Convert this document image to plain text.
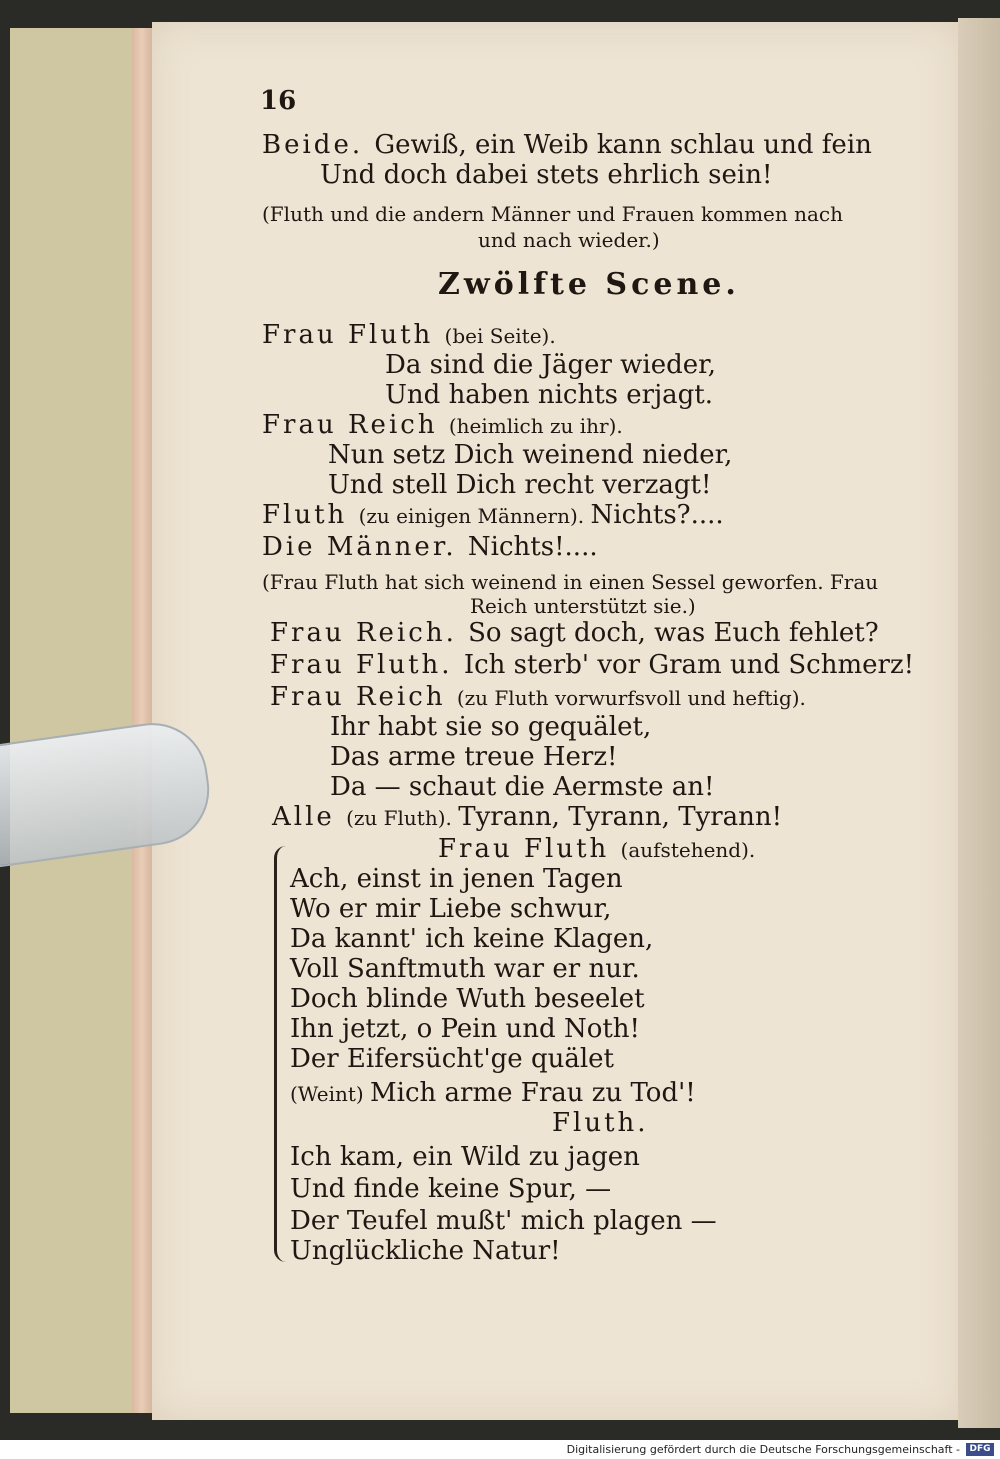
16
Beide. Gewiß, ein Weib kann schlau und fein
Und doch dabei stets ehrlich sein!
(Fluth und die andern Männer und Frauen kommen nach
und nach wieder.)
Zwölfte Scene.
Frau Fluth (bei Seite).
Da sind die Jäger wieder,
Und haben nichts erjagt.
Frau Reich (heimlich zu ihr).
Nun setz Dich weinend nieder,
Und stell Dich recht verzagt!
Fluth (zu einigen Männern). Nichts?....
Die Männer. Nichts!....
(Frau Fluth hat sich weinend in einen Sessel geworfen. Frau
Reich unterstützt sie.)
Frau Reich. So sagt doch, was Euch fehlet?
Frau Fluth. Ich sterb' vor Gram und Schmerz!
Frau Reich (zu Fluth vorwurfsvoll und heftig).
Ihr habt sie so gequälet,
Das arme treue Herz!
Da — schaut die Aermste an!
Alle (zu Fluth). Tyrann, Tyrann, Tyrann!
Frau Fluth (aufstehend).
Ach, einst in jenen Tagen
Wo er mir Liebe schwur,
Da kannt' ich keine Klagen,
Voll Sanftmuth war er nur.
Doch blinde Wuth beseelet
Ihn jetzt, o Pein und Noth!
Der Eifersücht'ge quälet
(Weint) Mich arme Frau zu Tod'!
Fluth.
Ich kam, ein Wild zu jagen
Und finde keine Spur, —
Der Teufel mußt' mich plagen —
Unglückliche Natur!
Digitalisierung gefördert durch die Deutsche Forschungsgemeinschaft -	DFG
